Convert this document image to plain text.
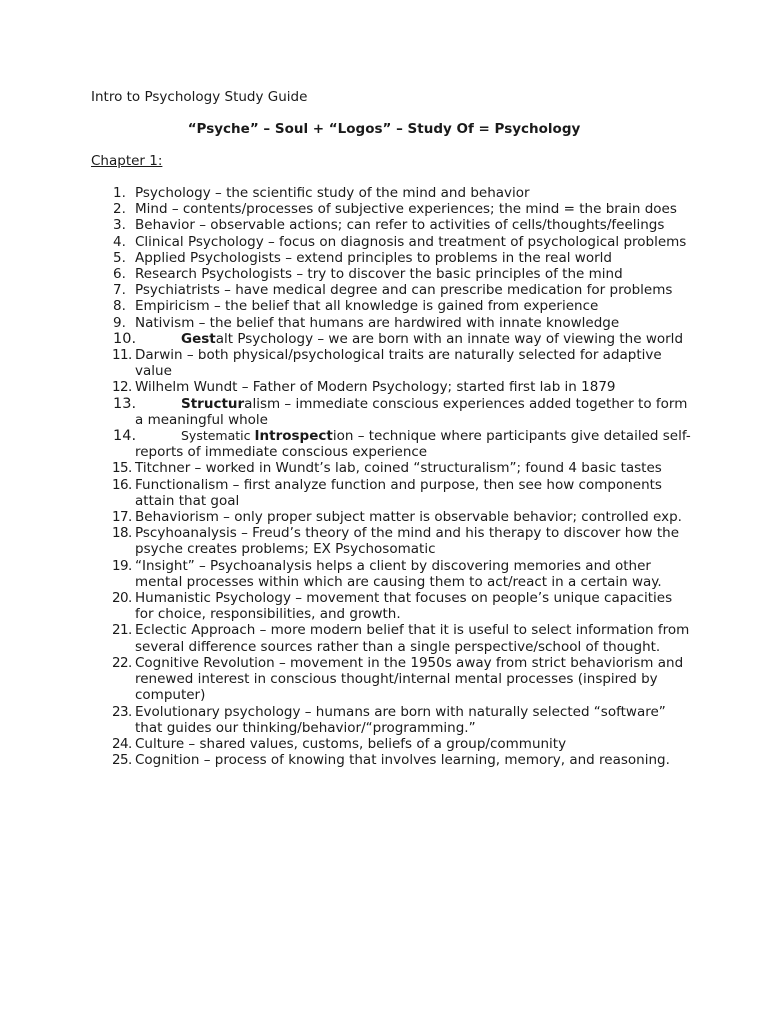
Intro to Psychology Study Guide
“Psyche” – Soul + “Logos” – Study Of = Psychology
Chapter 1:
1. Psychology – the scientific study of the mind and behavior
2. Mind – contents/processes of subjective experiences; the mind = the brain does
3. Behavior – observable actions; can refer to activities of cells/thoughts/feelings
4. Clinical Psychology – focus on diagnosis and treatment of psychological problems
5. Applied Psychologists – extend principles to problems in the real world
6. Research Psychologists – try to discover the basic principles of the mind
7. Psychiatrists – have medical degree and can prescribe medication for problems
8. Empiricism – the belief that all knowledge is gained from experience
9. Nativism – the belief that humans are hardwired with innate knowledge
10.	Gestalt Psychology – we are born with an innate way of viewing the world
11. Darwin – both physical/psychological traits are naturally selected for adaptive value
12. Wilhelm Wundt – Father of Modern Psychology; started first lab in 1879
13.	Structuralism – immediate conscious experiences added together to form a meaningful whole
14.	Systematic Introspection – technique where participants give detailed self-reports of immediate conscious experience
15. Titchner – worked in Wundt’s lab, coined “structuralism”; found 4 basic tastes
16. Functionalism – first analyze function and purpose, then see how components attain that goal
17. Behaviorism – only proper subject matter is observable behavior; controlled exp.
18. Pscyhoanalysis – Freud’s theory of the mind and his therapy to discover how the psyche creates problems; EX Psychosomatic
19. “Insight” – Psychoanalysis helps a client by discovering memories and other mental processes within which are causing them to act/react in a certain way.
20. Humanistic Psychology – movement that focuses on people’s unique capacities for choice, responsibilities, and growth.
21. Eclectic Approach – more modern belief that it is useful to select information from several difference sources rather than a single perspective/school of thought.
22. Cognitive Revolution – movement in the 1950s away from strict behaviorism and renewed interest in conscious thought/internal mental processes (inspired by computer)
23. Evolutionary psychology – humans are born with naturally selected “software” that guides our thinking/behavior/“programming.”
24. Culture – shared values, customs, beliefs of a group/community
25. Cognition – process of knowing that involves learning, memory, and reasoning.
